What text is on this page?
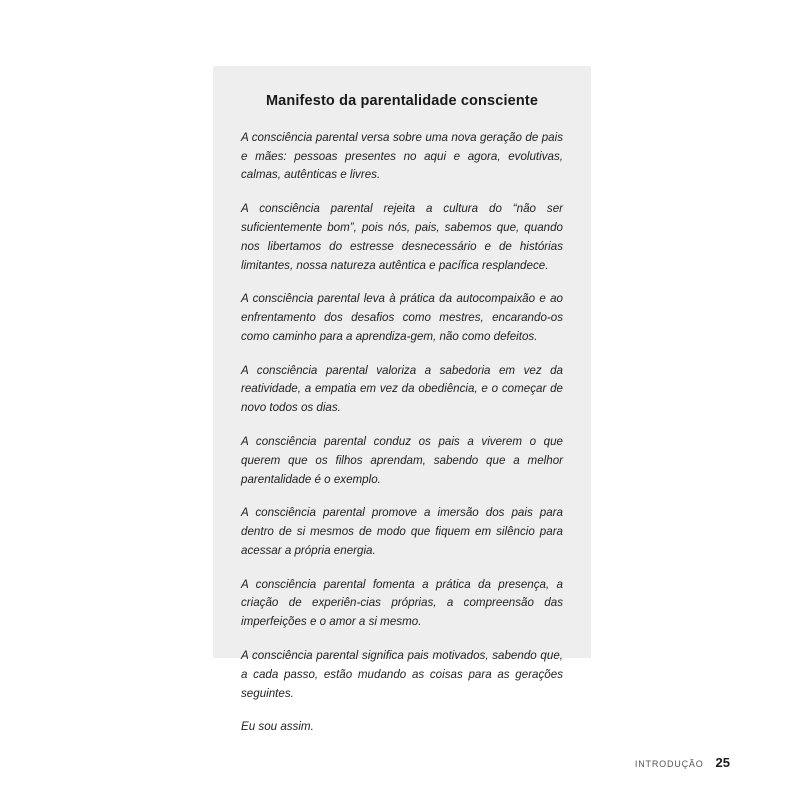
Manifesto da parentalidade consciente

A consciência parental versa sobre uma nova geração de pais e mães: pessoas presentes no aqui e agora, evolutivas, calmas, autênticas e livres.

A consciência parental rejeita a cultura do “não ser suficientemente bom”, pois nós, pais, sabemos que, quando nos libertamos do estresse desnecessário e de histórias limitantes, nossa natureza autêntica e pacífica resplandece.

A consciência parental leva à prática da autocompaixão e ao enfrentamento dos desafios como mestres, encarando-os como caminho para a aprendiza-gem, não como defeitos.

A consciência parental valoriza a sabedoria em vez da reatividade, a empatia em vez da obediência, e o começar de novo todos os dias.

A consciência parental conduz os pais a viverem o que querem que os filhos aprendam, sabendo que a melhor parentalidade é o exemplo.

A consciência parental promove a imersão dos pais para dentro de si mesmos de modo que fiquem em silêncio para acessar a própria energia.

A consciência parental fomenta a prática da presença, a criação de experiên-cias próprias, a compreensão das imperfeições e o amor a si mesmo.

A consciência parental significa pais motivados, sabendo que, a cada passo, estão mudando as coisas para as gerações seguintes.

Eu sou assim.

INTRODUÇÃO 25
